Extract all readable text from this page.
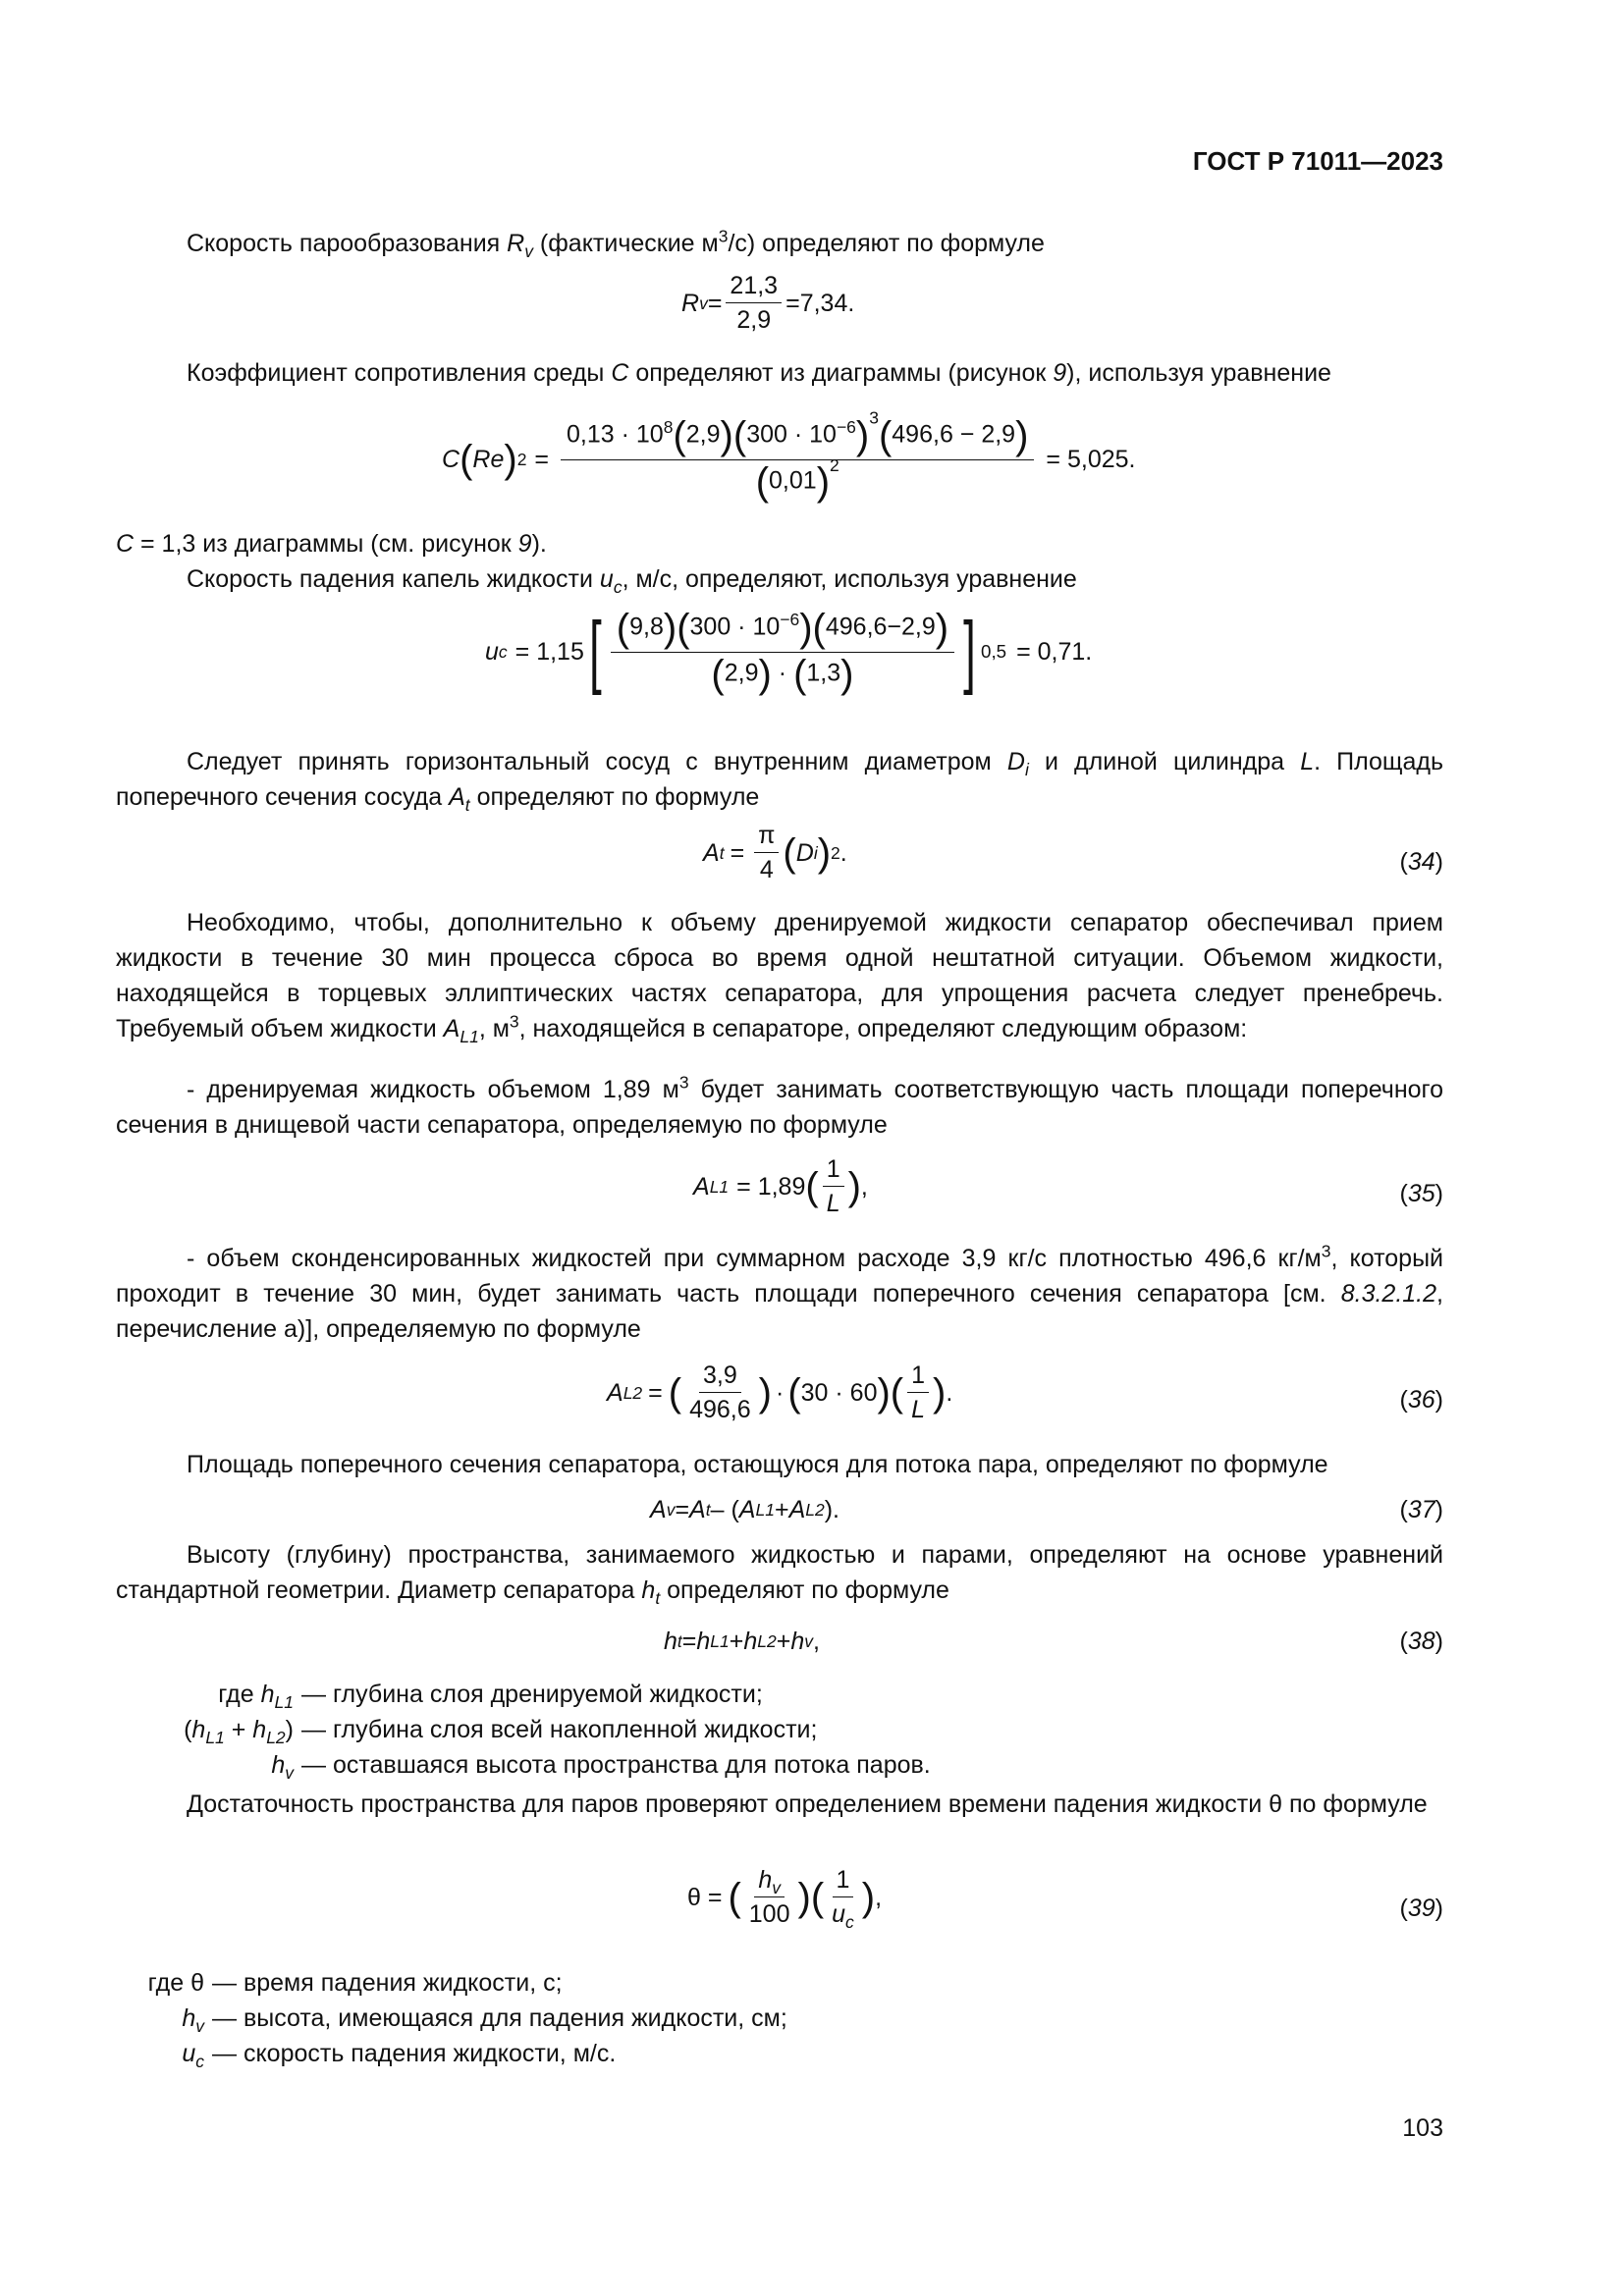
ГОСТ Р 71011—2023
Скорость парообразования $R_v$ (фактические $м^3/с$) определяют по формуле
R $v = \frac{21,3}{2,9} =7,34$.
Коэффициент сопротивления среды C определяют из диаграммы (рисунок 9), используя уравнение
C ( Re ) $2 = \frac{0,13 \cdot 10^8(2,9)(300 \cdot 10^{-6})^3(496,6 - 2,9)}{(0,01)^2} = 5,025$.
C = 1,3 из диаграммы (см. рисунок 9).
Скорость падения капель жидкости $u_c$, м/с, определяют, используя уравнение
u c = 1,15 [ $\frac{(9,8)(300 \cdot 10^{-6})(496,6-2,9)}{(2,9) \cdot (1,3)}$ ] 0,5 = 0,71.
Следует принять горизонтальный сосуд с внутренним диаметром $D_i$ и длиной цилиндра L. Площадь поперечного сечения сосуда $A_t$ определяют по формуле
A $t = \frac{\pi}{4}$ ( D i ) 2 .	(34)
Необходимо, чтобы, дополнительно к объему дренируемой жидкости сепаратор обеспечивал прием жидкости в течение 30 мин процесса сброса во время одной нештатной ситуации. Объемом жидкости, находящейся в торцевых эллиптических частях сепаратора, для упрощения расчета следует пренебречь. Требуемый объем жидкости $A_{L1}$, $м^3$, находящейся в сепараторе, определяют следующим образом:
- дренируемая жидкость объемом 1,89 $м^3$ будет занимать соответствующую часть площади поперечного сечения в днищевой части сепаратора, определяемую по формуле
A L1 = 1,89 ( $\frac{1}{L}$ ) ,	(35)
- объем сконденсированных жидкостей при суммарном расходе 3,9 кг/с плотностью 496,6 $кг/м^3$, который проходит в течение 30 мин, будет занимать часть площади поперечного сечения сепаратора [см. 8.3.2.1.2, перечисление а)], определяемую по формуле
A L2 = ( $\frac{3,9}{496,6}$ ) · ( 30 · 60 )( $\frac{1}{L}$ ) .	(36)
Площадь поперечного сечения сепаратора, остающуюся для потока пара, определяют по формуле
A v = A t – ( A L1 + A L2 ).	(37)
Высоту (глубину) пространства, занимаемого жидкостью и парами, определяют на основе уравнений стандартной геометрии. Диаметр сепаратора $h_t$ определяют по формуле
h t = h L1 + h L2 + h v ,	(38)
где $h_{L1}$ — глубина слоя дренируемой жидкости;
$(h_{L1} + h_{L2})$ — глубина слоя всей накопленной жидкости;
$h_v$ — оставшаяся высота пространства для потока паров.
Достаточность пространства для паров проверяют определением времени падения жидкости θ по формуле
θ = ( $\frac{h_v}{100}$ )( $\frac{1}{u_c}$ ) ,	(39)
где θ — время падения жидкости, с;
$h_v$ — высота, имеющаяся для падения жидкости, см;
$u_c$ — скорость падения жидкости, м/с.
103
